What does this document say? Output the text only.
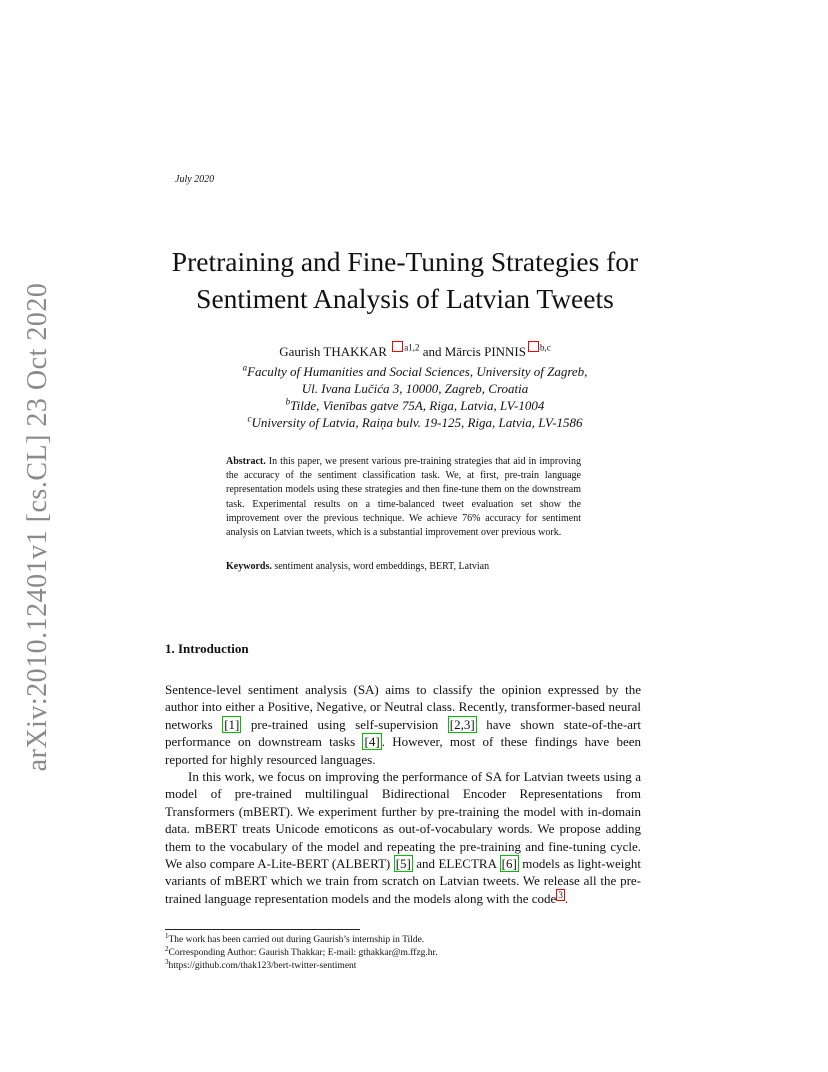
arXiv:2010.12401v1 [cs.CL] 23 Oct 2020
July 2020
Pretraining and Fine-Tuning Strategies for
Sentiment Analysis of Latvian Tweets
Gaurish THAKKAR $^{a1,2}$ and Mārcis PINNIS $^{b,c}$
$^a$Faculty of Humanities and Social Sciences, University of Zagreb,
Ul. Ivana Lučića 3, 10000, Zagreb, Croatia
$^b$Tilde, Vienības gatve 75A, Riga, Latvia, LV-1004
$^c$University of Latvia, Raiņa bulv. 19-125, Riga, Latvia, LV-1586
Abstract. In this paper, we present various pre-training strategies that aid in improving the accuracy of the sentiment classification task. We, at first, pre-train language representation models using these strategies and then fine-tune them on the downstream task. Experimental results on a time-balanced tweet evaluation set show the improvement over the previous technique. We achieve 76% accuracy for sentiment analysis on Latvian tweets, which is a substantial improvement over previous work.
Keywords. sentiment analysis, word embeddings, BERT, Latvian
1. Introduction

Sentence-level sentiment analysis (SA) aims to classify the opinion expressed by the author into either a Positive, Negative, or Neutral class. Recently, transformer-based neural networks [1] pre-trained using self-supervision [2,3] have shown state-of-the-art performance on downstream tasks [4] . However, most of these findings have been reported for highly resourced languages.

In this work, we focus on improving the performance of SA for Latvian tweets using a model of pre-trained multilingual Bidirectional Encoder Representations from Transformers (mBERT). We experiment further by pre-training the model with in-domain data. mBERT treats Unicode emoticons as out-of-vocabulary words. We propose adding them to the vocabulary of the model and repeating the pre-training and fine-tuning cycle. We also compare A-Lite-BERT (ALBERT) [5] and ELECTRA [6] models as light-weight variants of mBERT which we train from scratch on Latvian tweets. We release all the pre-trained language representation models and the models along with the code $^3$ .

$^1$The work has been carried out during Gaurish’s internship in Tilde.
$^2$Corresponding Author: Gaurish Thakkar; E-mail: gthakkar@m.ffzg.hr.
$^3$https://github.com/thak123/bert-twitter-sentiment
